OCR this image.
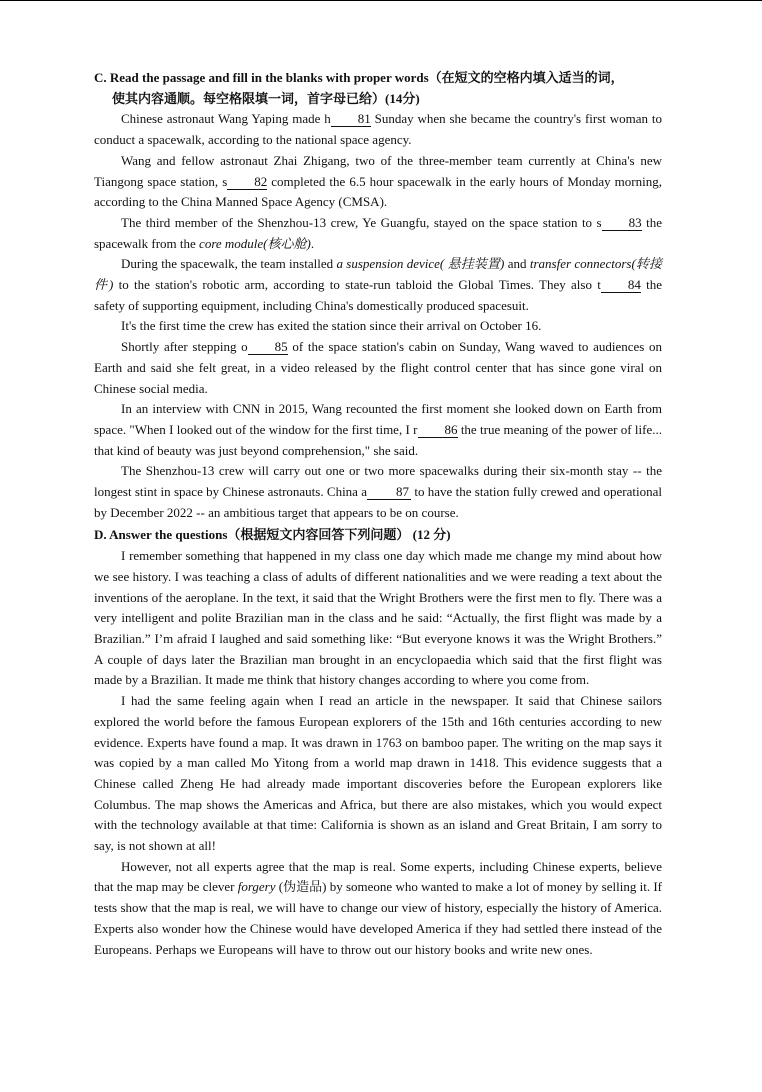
C. Read the passage and fill in the blanks with proper words（在短文的空格内填入适当的词，

使其内容通顺。每空格限填一词，首字母已给）(14分)

Chinese astronaut Wang Yaping made h 81 Sunday when she became the country's first woman to conduct a spacewalk, according to the national space agency.

Wang and fellow astronaut Zhai Zhigang, two of the three-member team currently at China's new Tiangong space station, s 82 completed the 6.5 hour spacewalk in the early hours of Monday morning, according to the China Manned Space Agency (CMSA).

The third member of the Shenzhou-13 crew, Ye Guangfu, stayed on the space station to s 83 the spacewalk from the core module(核心舱).

During the spacewalk, the team installed a suspension device( 悬挂装置) and transfer connectors(转接件) to the station's robotic arm, according to state-run tabloid the Global Times. They also t 84 the safety of supporting equipment, including China's domestically produced spacesuit.

It's the first time the crew has exited the station since their arrival on October 16.

Shortly after stepping o 85 of the space station's cabin on Sunday, Wang waved to audiences on Earth and said she felt great, in a video released by the flight control center that has since gone viral on Chinese social media.

In an interview with CNN in 2015, Wang recounted the first moment she looked down on Earth from space. "When I looked out of the window for the first time, I r 86 the true meaning of the power of life... that kind of beauty was just beyond comprehension," she said.

The Shenzhou-13 crew will carry out one or two more spacewalks during their six-month stay -- the longest stint in space by Chinese astronauts. China a 87 to have the station fully crewed and operational by December 2022 -- an ambitious target that appears to be on course.

D. Answer the questions（根据短文内容回答下列问题） (12 分)

I remember something that happened in my class one day which made me change my mind about how we see history. I was teaching a class of adults of different nationalities and we were reading a text about the inventions of the aeroplane. In the text, it said that the Wright Brothers were the first men to fly. There was a very intelligent and polite Brazilian man in the class and he said: “Actually, the first flight was made by a Brazilian.” I’m afraid I laughed and said something like: “But everyone knows it was the Wright Brothers.” A couple of days later the Brazilian man brought in an encyclopaedia which said that the first flight was made by a Brazilian. It made me think that history changes according to where you come from.

I had the same feeling again when I read an article in the newspaper. It said that Chinese sailors explored the world before the famous European explorers of the 15th and 16th centuries according to new evidence. Experts have found a map. It was drawn in 1763 on bamboo paper. The writing on the map says it was copied by a man called Mo Yitong from a world map drawn in 1418. This evidence suggests that a Chinese called Zheng He had already made important discoveries before the European explorers like Columbus. The map shows the Americas and Africa, but there are also mistakes, which you would expect with the technology available at that time: California is shown as an island and Great Britain, I am sorry to say, is not shown at all!

However, not all experts agree that the map is real. Some experts, including Chinese experts, believe that the map may be clever forgery (伪造品) by someone who wanted to make a lot of money by selling it. If tests show that the map is real, we will have to change our view of history, especially the history of America. Experts also wonder how the Chinese would have developed America if they had settled there instead of the Europeans. Perhaps we Europeans will have to throw out our history books and write new ones.
